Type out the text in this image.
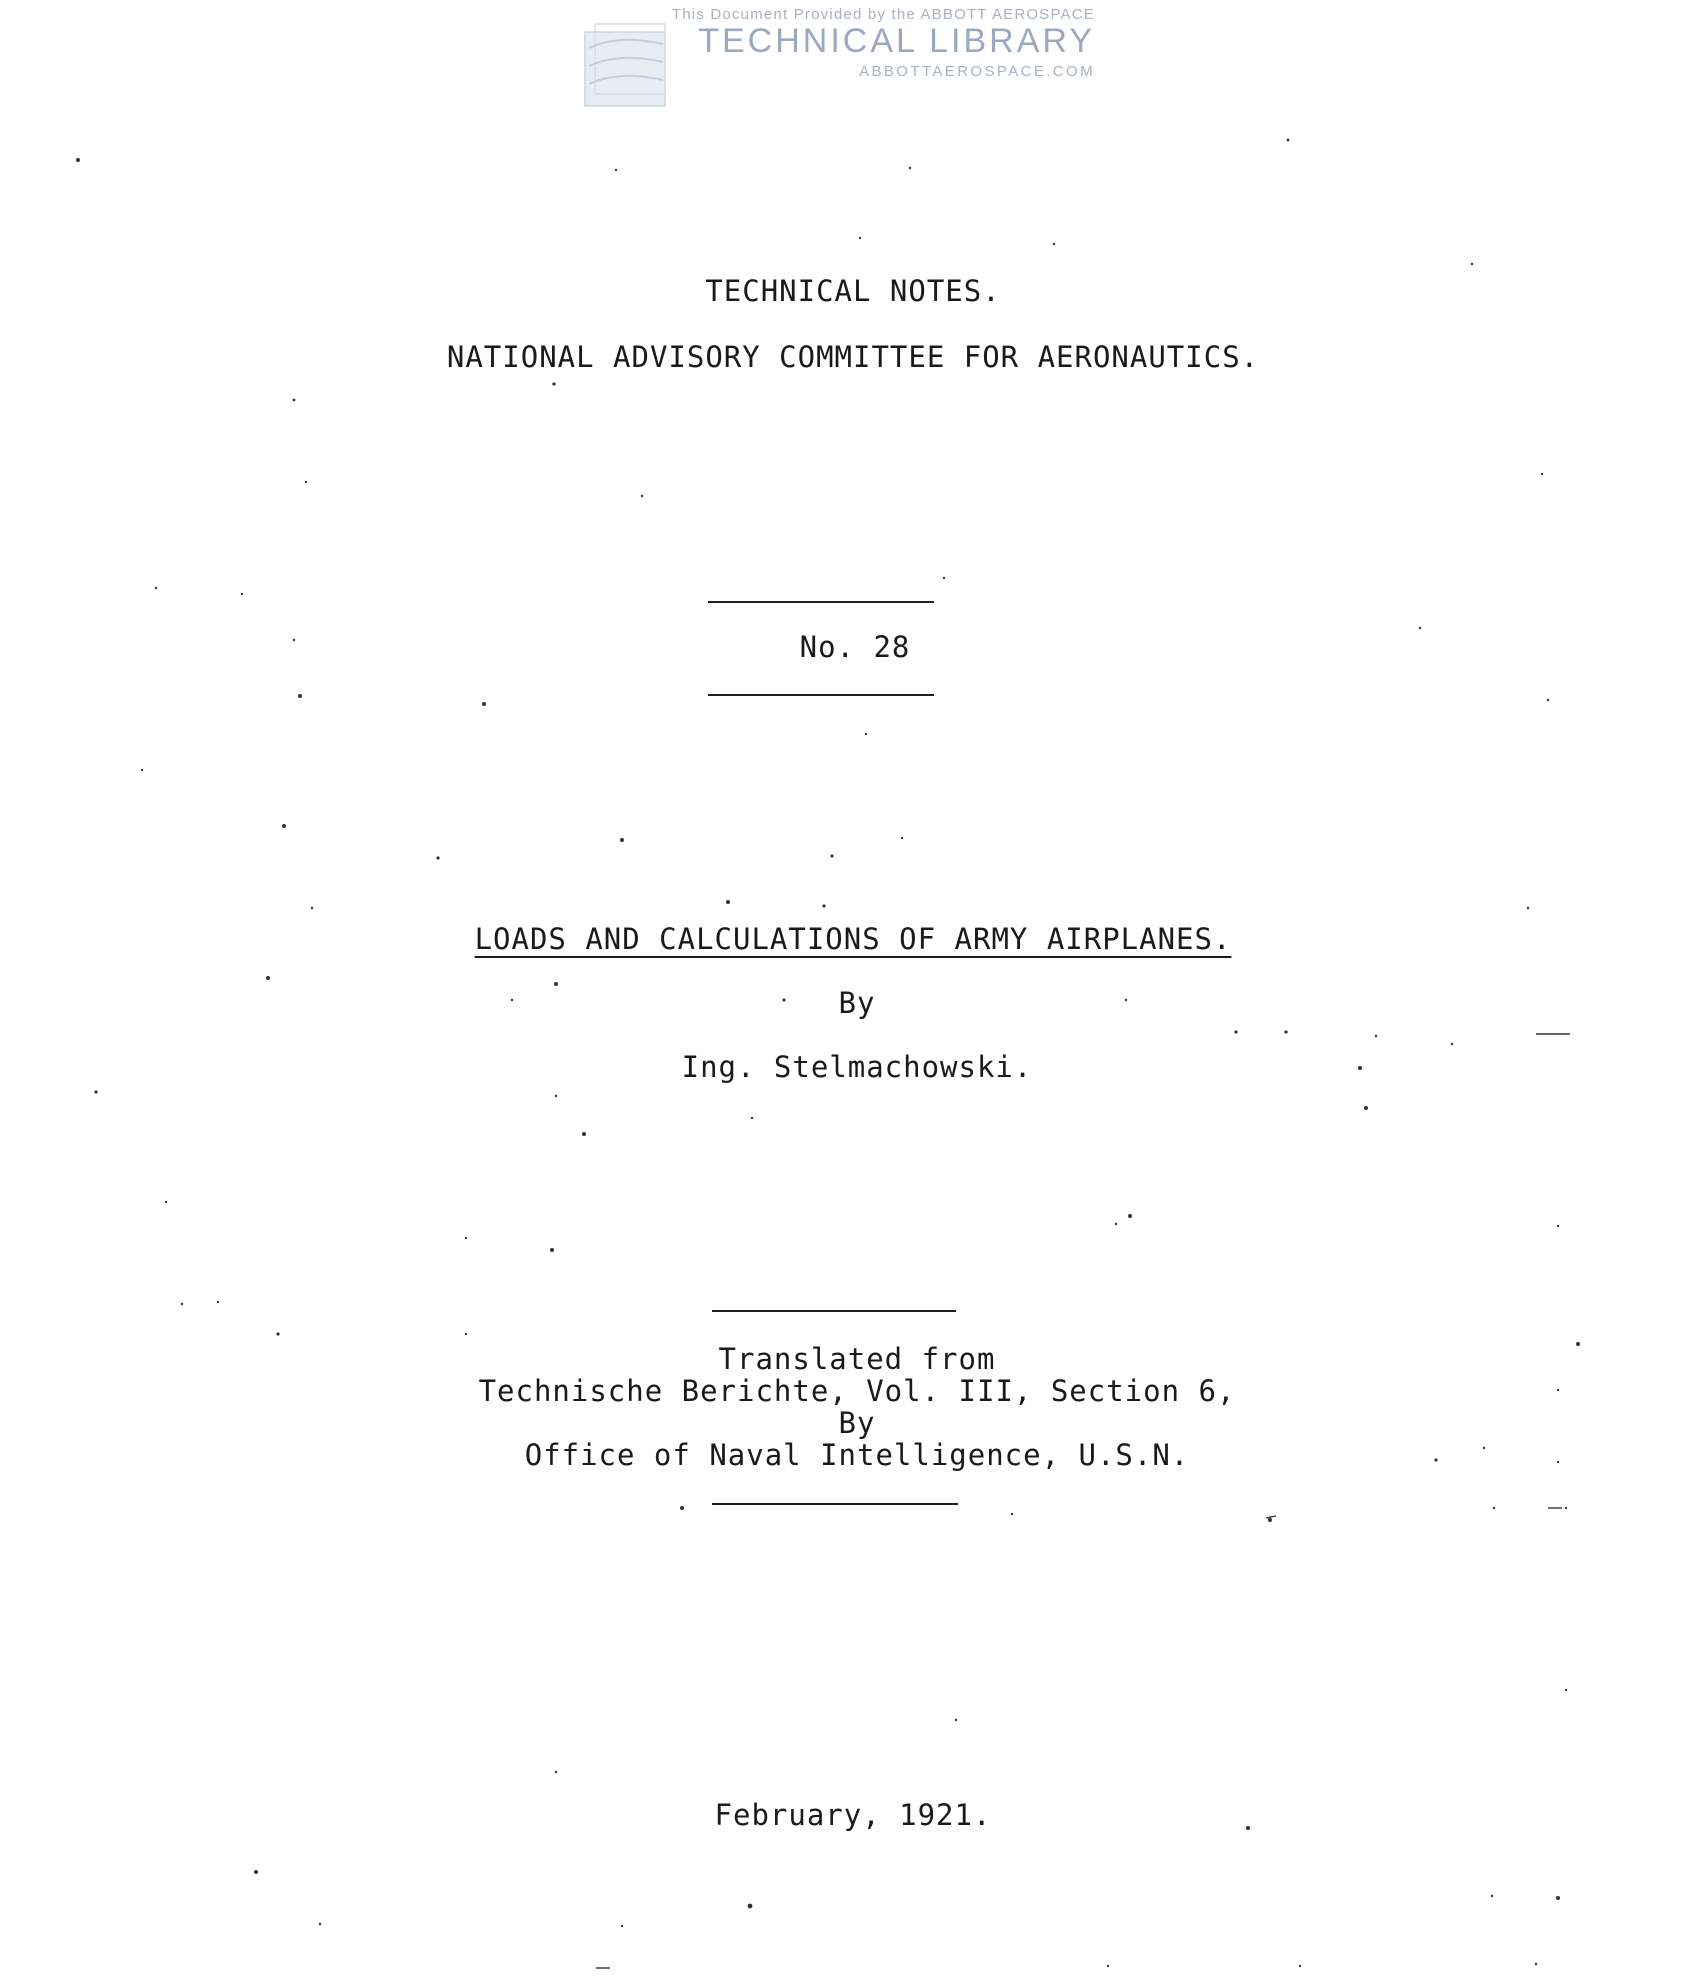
This Document Provided by the ABBOTT AEROSPACE
TECHNICAL LIBRARY
ABBOTTAEROSPACE.COM
TECHNICAL NOTES.
NATIONAL ADVISORY COMMITTEE FOR AERONAUTICS.
No. 28
LOADS AND CALCULATIONS OF ARMY AIRPLANES.
By
Ing. Stelmachowski.
Translated from
Technische Berichte, Vol. III, Section 6,
By
Office of Naval Intelligence, U.S.N.
February, 1921.
